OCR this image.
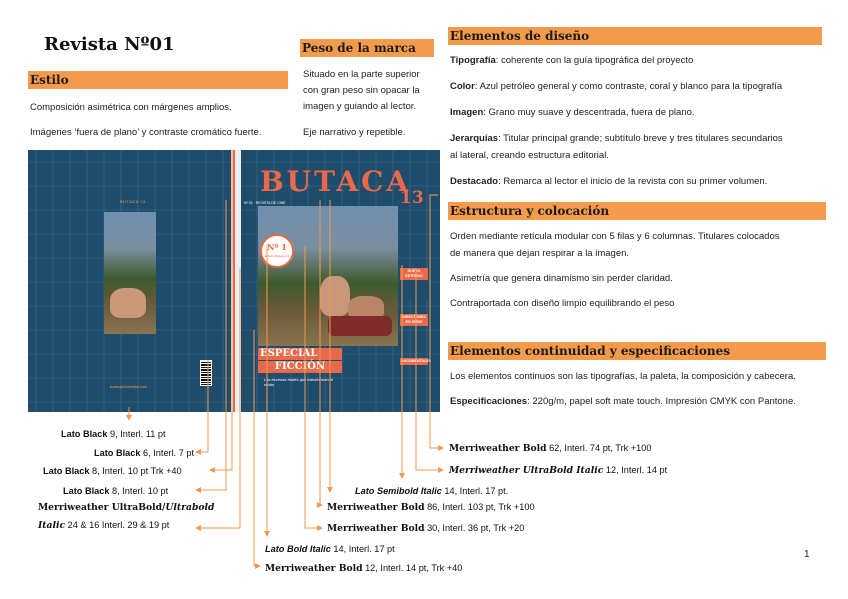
Revista Nº01
Estilo
Composición asimétrica con márgenes amplios.
Imágenes ‘fuera de plano’ y contraste cromático fuerte.
Peso de la marca
Situado en la parte superior
con gran peso sin opacar la
imagen y guiando al lector.
Eje narrativo y repetible.
Elementos de diseño
Tipografía: coherente con la guía tipográfica del proyecto
Color: Azul petróleo general y como contraste, coral y blanco para la tipografía
Imagen: Grano muy suave y descentrada, fuera de plano.
Jerarquías: Titular principal grande; subtítulo breve y tres titulares secundarios
al lateral, creando estructura editorial.
Destacado: Remarca al lector el inicio de la revista con su primer volumen.
Estructura y colocación
Orden mediante retícula modular con 5 filas y 6 columnas. Titulares colocados
de manera que dejan respirar a la imagen.
Asimetría que genera dinamismo sin perder claridad.
Contraportada con diseño limpio equilibrando el peso
Elementos continuidad y especificaciones
Los elementos continuos son las tipografías, la paleta, la composición y cabecera.
Especificaciones: 220g/m, papel soft mate touch. Impresión CMYK con Pantone.
BUTACA 13
butaca13revista.com
BUTACA
13
Nº 01 · REVISTA DE CINE
Nº 1
Edición Butaca 13
NUEVO ESTRENO
DIRECTORES EN SERIE
DOCUMENTALES
ESPECIAL
FICCIÓN
Las escenas reales que transforman el relato
Lato Black 9, Interl. 11 pt
Lato Black 6, Interl. 7 pt
Lato Black 8, Interl. 10 pt Trk +40
Lato Black 8, Interl. 10 pt
Merriweather UltraBold/Ultrabold
Italic 24 & 16 Interl. 29 & 19 pt
Lato Bold Italic 14, Interl. 17 pt
Merriweather Bold 12, Interl. 14 pt, Trk +40
Lato Semibold Italic 14, Interl. 17 pt.
Merriweather Bold 86, Interl. 103 pt, Trk +100
Merriweather Bold 30, Interl. 36 pt, Trk +20
Merriweather Bold 62, Interl. 74 pt, Trk +100
Merriweather UltraBold Italic 12, Interl. 14 pt
1
